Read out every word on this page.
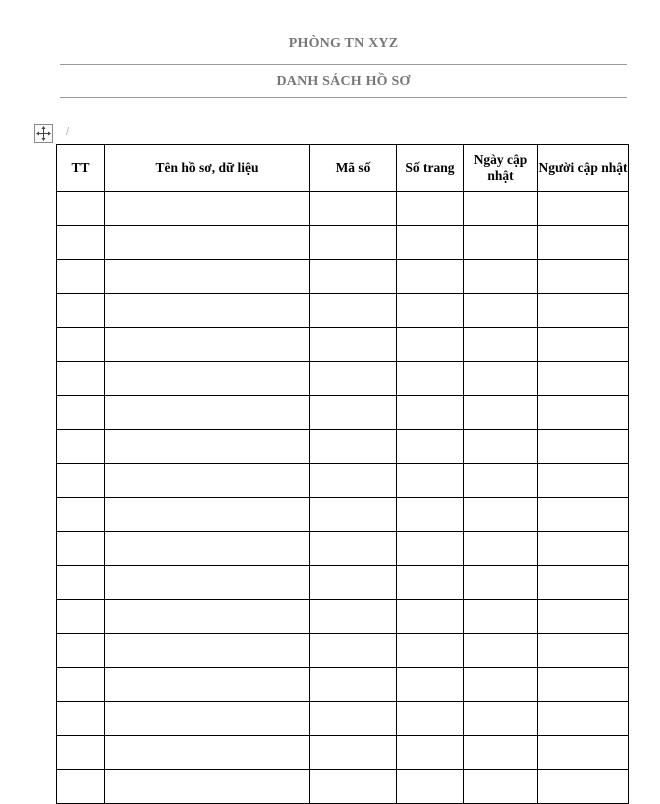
PHÒNG TN XYZ
DANH SÁCH HỒ SƠ
/
TT	Tên hồ sơ, dữ liệu	Mã số	Số trang	Ngày cập nhật	Người cập nhật
